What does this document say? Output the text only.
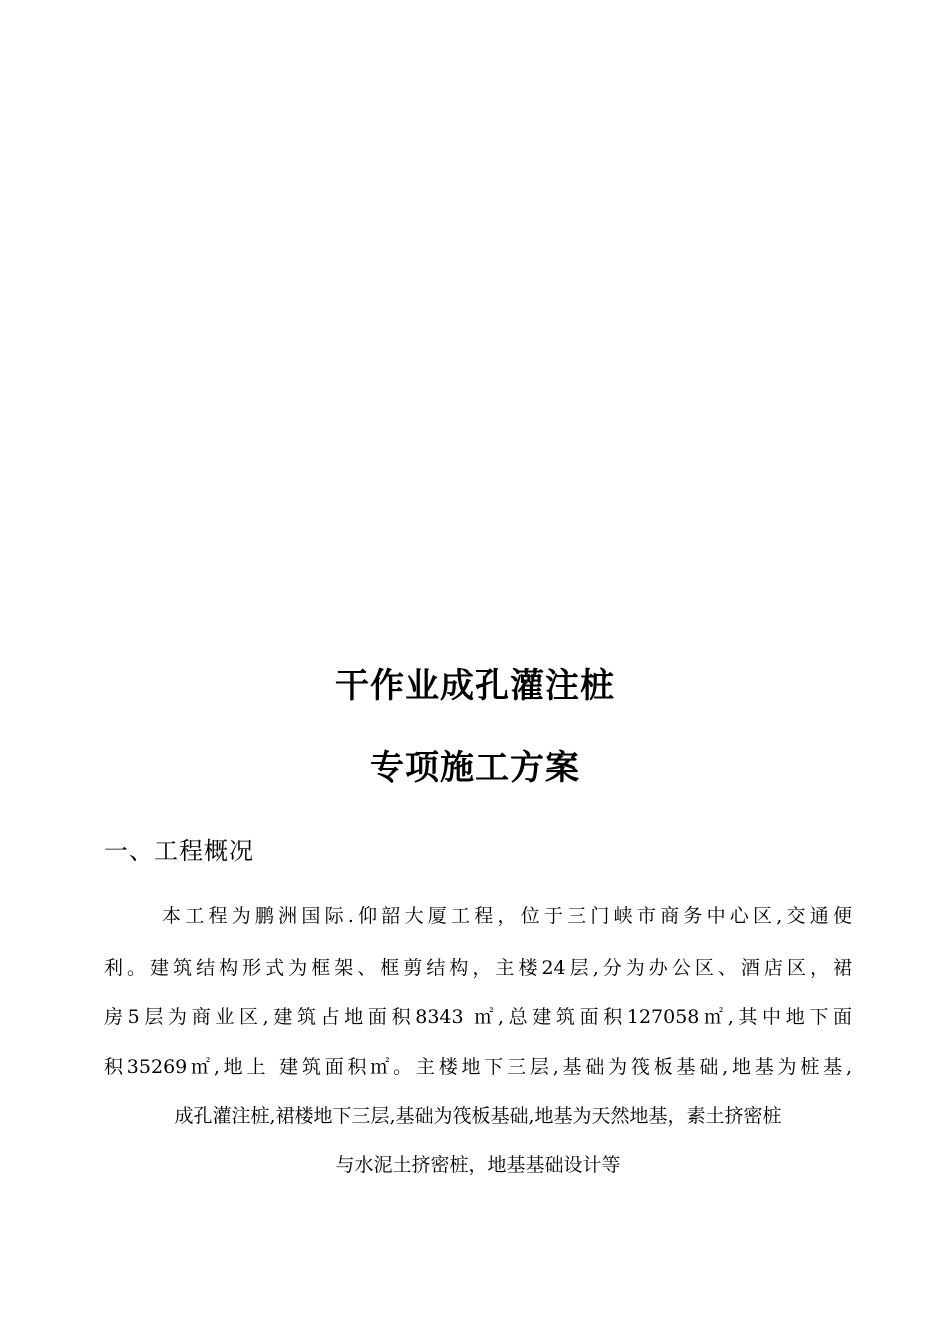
干作业成孔灌注桩
专项施工方案
一、工程概况

本工程为鹏洲国际.仰韶大厦工程，位于三门峡市商务中心区,交通便

利。建筑结构形式为框架、框剪结构，主楼24层,分为办公区、酒店区，裙

房5层为商业区,建筑占地面积8343 ㎡,总建筑面积127058㎡,其中地下面

积35269㎡,地上 建筑面积㎡。主楼地下三层,基础为筏板基础,地基为桩基,

成孔灌注桩,裙楼地下三层,基础为筏板基础,地基为天然地基，素土挤密桩

与水泥土挤密桩，地基基础设计等
